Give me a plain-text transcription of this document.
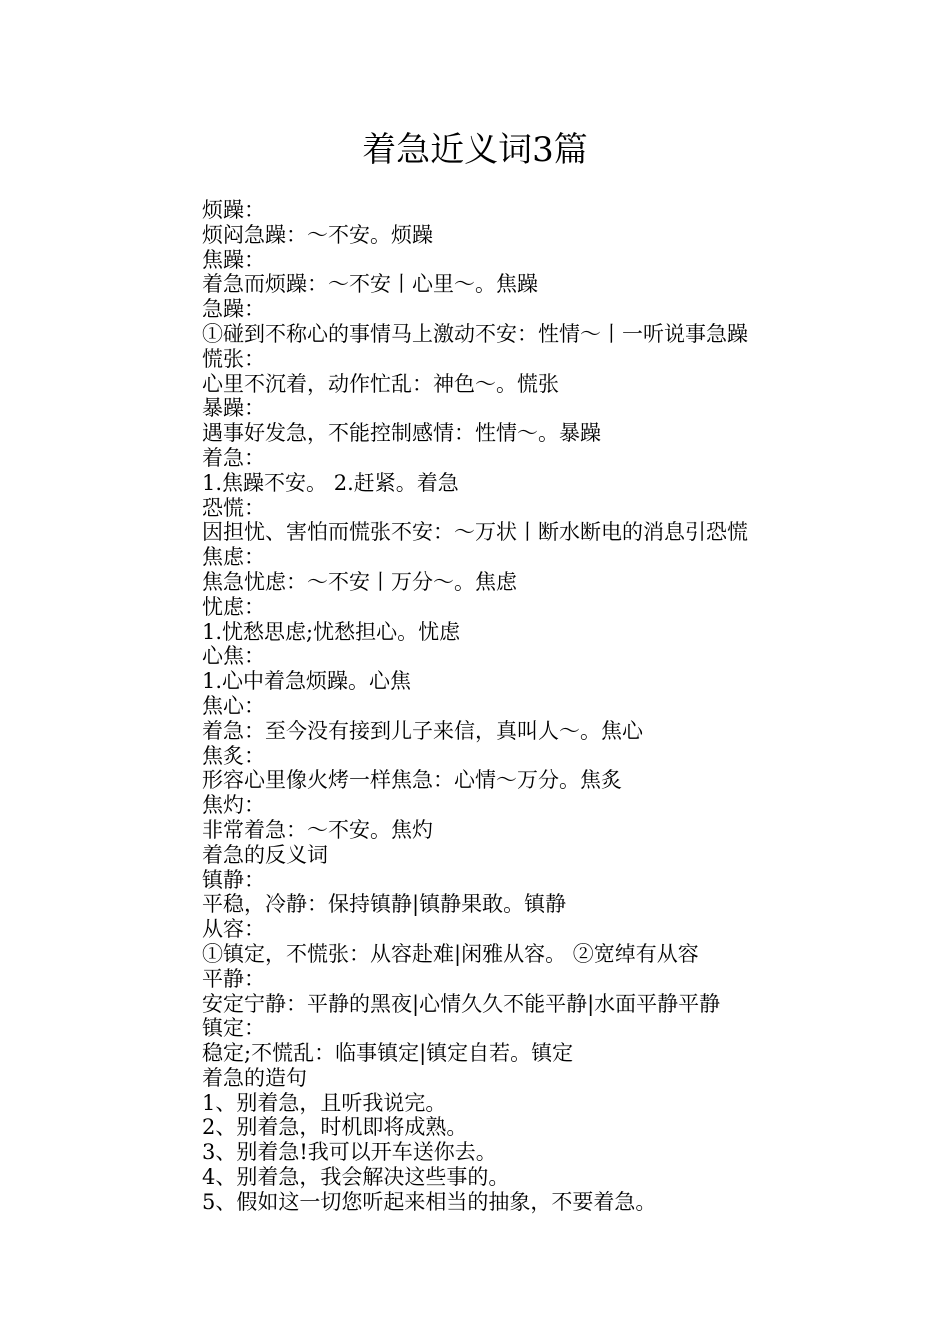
着急近义词3篇
烦躁：
烦闷急躁：～不安。烦躁
焦躁：
着急而烦躁：～不安丨心里～。焦躁
急躁：
①碰到不称心的事情马上激动不安：性情～丨一听说事急躁
慌张：
心里不沉着，动作忙乱：神色～。慌张
暴躁：
遇事好发急，不能控制感情：性情～。暴躁
着急：
1.焦躁不安。 2.赶紧。着急
恐慌：
因担忧、害怕而慌张不安：～万状丨断水断电的消息引恐慌
焦虑：
焦急忧虑：～不安丨万分～。焦虑
忧虑：
1.忧愁思虑;忧愁担心。忧虑
心焦：
1.心中着急烦躁。心焦
焦心：
着急：至今没有接到儿子来信，真叫人～。焦心
焦炙：
形容心里像火烤一样焦急：心情～万分。焦炙
焦灼：
非常着急：～不安。焦灼
着急的反义词
镇静：
平稳，冷静：保持镇静|镇静果敢。镇静
从容：
①镇定，不慌张：从容赴难|闲雅从容。 ②宽绰有从容
平静：
安定宁静：平静的黑夜|心情久久不能平静|水面平静平静
镇定：
稳定;不慌乱：临事镇定|镇定自若。镇定
着急的造句
1、别着急，且听我说完。
2、别着急，时机即将成熟。
3、别着急!我可以开车送你去。
4、别着急，我会解决这些事的。
5、假如这一切您听起来相当的抽象，不要着急。
